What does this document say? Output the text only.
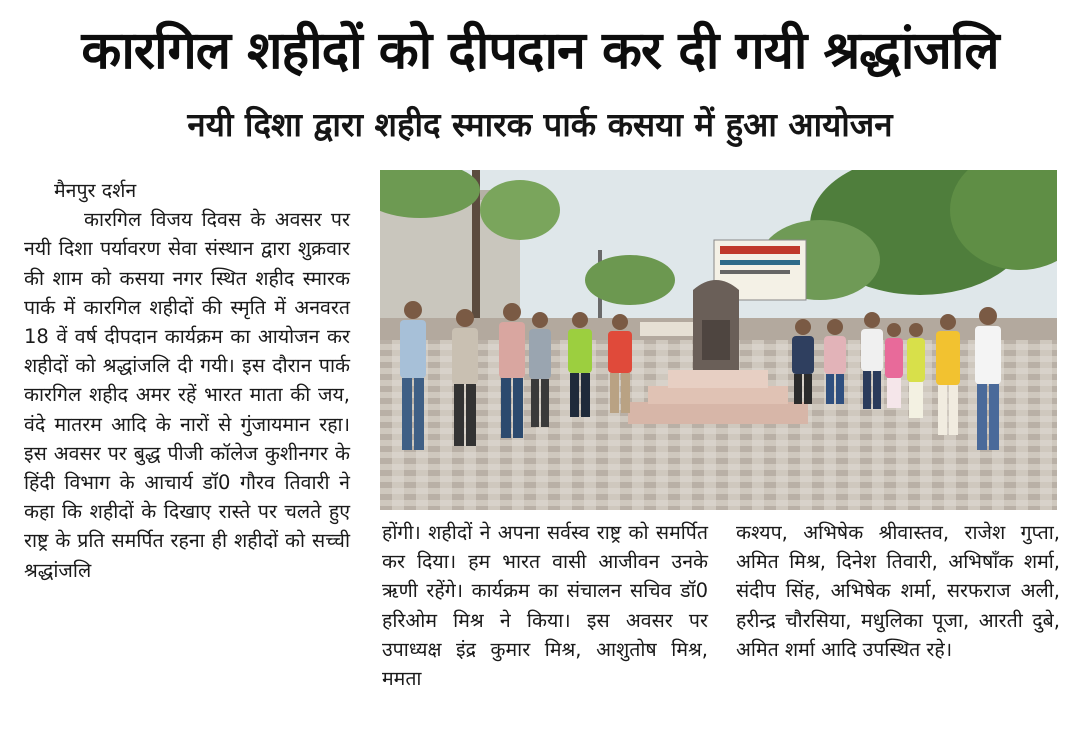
कारगिल शहीदों को दीपदान कर दी गयी श्रद्धांजलि
नयी दिशा द्वारा शहीद स्मारक पार्क कसया में हुआ आयोजन

मैनपुर दर्शन

कारगिल विजय दिवस के अवसर पर नयी दिशा पर्यावरण सेवा संस्थान द्वारा शुक्रवार की शाम को कसया नगर स्थित शहीद स्मारक पार्क में कारगिल शहीदों की स्मृति में अनवरत 18 वें वर्ष दीपदान कार्यक्रम का आयोजन कर शहीदों को श्रद्धांजलि दी गयी। इस दौरान पार्क कारगिल शहीद अमर रहें भारत माता की जय, वंदे मातरम आदि के नारों से गुंजायमान रहा। इस अवसर पर बुद्ध पीजी कॉलेज कुशीनगर के हिंदी विभाग के आचार्य डॉ0 गौरव तिवारी ने कहा कि शहीदों के दिखाए रास्ते पर चलते हुए राष्ट्र के प्रति समर्पित रहना ही शहीदों को सच्ची श्रद्धांजलि

होंगी। शहीदों ने अपना सर्वस्व राष्ट्र को समर्पित कर दिया। हम भारत वासी आजीवन उनके ऋणी रहेंगे। कार्यक्रम का संचालन सचिव डॉ0 हरिओम मिश्र ने किया। इस अवसर पर उपाध्यक्ष इंद्र कुमार मिश्र, आशुतोष मिश्र, ममता

कश्यप, अभिषेक श्रीवास्तव, राजेश गुप्ता, अमित मिश्र, दिनेश तिवारी, अभिषाँक शर्मा, संदीप सिंह, अभिषेक शर्मा, सरफराज अली, हरीन्द्र चौरसिया, मधुलिका पूजा, आरती दुबे, अमित शर्मा आदि उपस्थित रहे।
